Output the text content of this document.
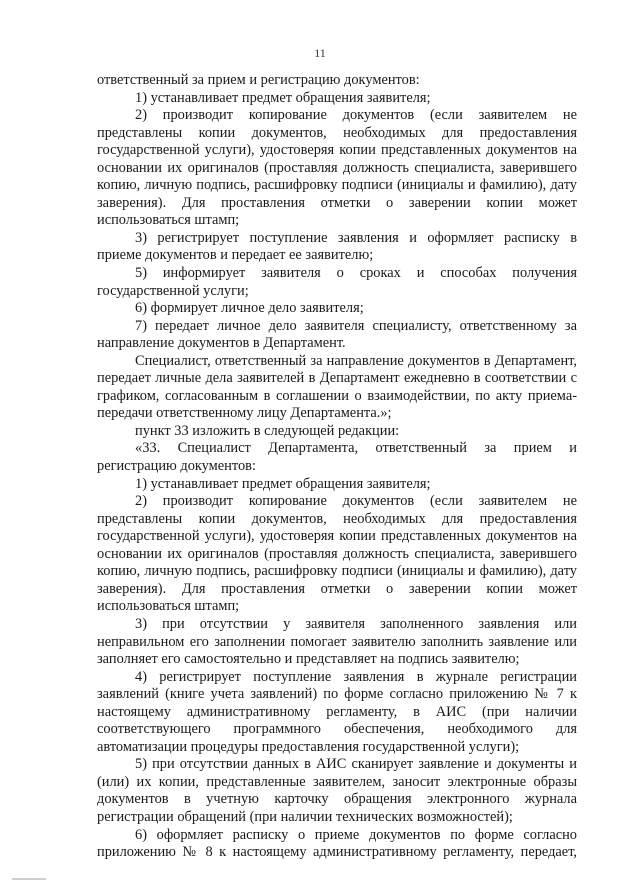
11

ответственный за прием и регистрацию документов:

1) устанавливает предмет обращения заявителя;

2) производит копирование документов (если заявителем не представлены копии документов, необходимых для предоставления государственной услуги), удостоверяя копии представленных документов на основании их оригиналов (проставляя должность специалиста, заверившего копию, личную подпись, расшифровку подписи (инициалы и фамилию), дату заверения). Для проставления отметки о заверении копии может использоваться штамп;

3) регистрирует поступление заявления и оформляет расписку в приеме документов и передает ее заявителю;

5) информирует заявителя о сроках и способах получения государственной услуги;

6) формирует личное дело заявителя;

7) передает личное дело заявителя специалисту, ответственному за направление документов в Департамент.

Специалист, ответственный за направление документов в Департамент, передает личные дела заявителей в Департамент ежедневно в соответствии с графиком, согласованным в соглашении о взаимодействии, по акту приема-передачи ответственному лицу Департамента.»;

пункт 33 изложить в следующей редакции:

«33. Специалист Департамента, ответственный за прием и регистрацию документов:

1) устанавливает предмет обращения заявителя;

2) производит копирование документов (если заявителем не представлены копии документов, необходимых для предоставления государственной услуги), удостоверяя копии представленных документов на основании их оригиналов (проставляя должность специалиста, заверившего копию, личную подпись, расшифровку подписи (инициалы и фамилию), дату заверения). Для проставления отметки о заверении копии может использоваться штамп;

3) при отсутствии у заявителя заполненного заявления или неправильном его заполнении помогает заявителю заполнить заявление или заполняет его самостоятельно и представляет на подпись заявителю;

4) регистрирует поступление заявления в журнале регистрации заявлений (книге учета заявлений) по форме согласно приложению № 7 к настоящему административному регламенту, в АИС (при наличии соответствующего программного обеспечения, необходимого для автоматизации процедуры предоставления государственной услуги);

5) при отсутствии данных в АИС сканирует заявление и документы и (или) их копии, представленные заявителем, заносит электронные образы документов в учетную карточку обращения электронного журнала регистрации обращений (при наличии технических возможностей);

6) оформляет расписку о приеме документов по форме согласно приложению № 8 к настоящему административному регламенту, передает,
